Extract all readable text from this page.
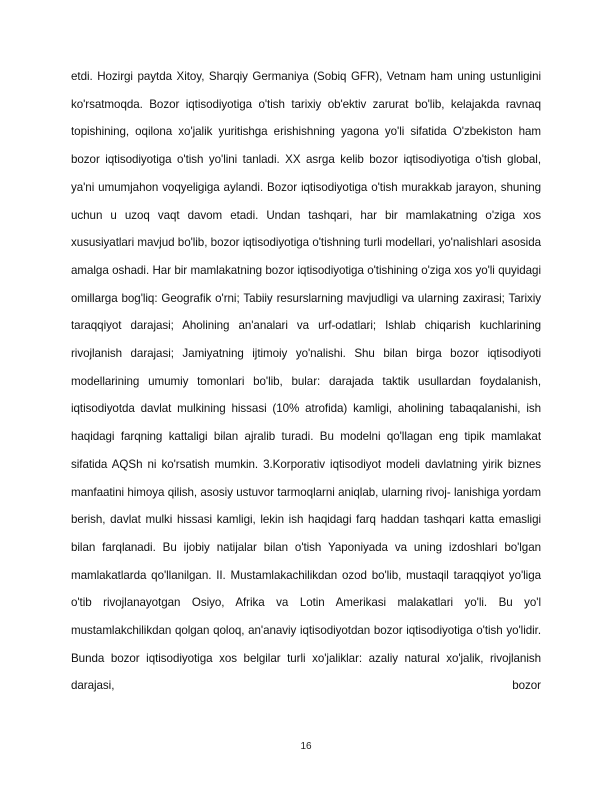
etdi. Hozirgi paytda Xitoy, Sharqiy Germaniya (Sobiq GFR), Vetnam ham uning ustunligini ko'rsatmoqda. Bozor iqtisodiyotiga o'tish tarixiy ob'ektiv zarurat bo'lib, kelajakda ravnaq topishining, oqilona xo'jalik yuritishga erishishning yagona yo'li sifatida O'zbekiston ham bozor iqtisodiyotiga o'tish yo'lini tanladi. XX asrga kelib bozor iqtisodiyotiga o'tish global, ya'ni umumjahon voqyeligiga aylandi. Bozor iqtisodiyotiga o'tish murakkab jarayon, shuning uchun u uzoq vaqt davom etadi. Undan tashqari, har bir mamlakatning o'ziga xos xususiyatlari mavjud bo'lib, bozor iqtisodiyotiga o'tishning turli modellari, yo'nalishlari asosida amalga oshadi. Har bir mamlakatning bozor iqtisodiyotiga o'tishining o'ziga xos yo'li quyidagi omillarga bog'liq: Geografik o'rni; Tabiiy resurslarning mavjudligi va ularning zaxirasi; Tarixiy taraqqiyot darajasi; Aholining an'analari va urf-odatlari; Ishlab chiqarish kuchlarining rivojlanish darajasi; Jamiyatning ijtimoiy yo'nalishi. Shu bilan birga bozor iqtisodiyoti modellarining umumiy tomonlari bo'lib, bular: darajada taktik usullardan foydalanish, iqtisodiyotda davlat mulkining hissasi (10% atrofida) kamligi, aholining tabaqalanishi, ish haqidagi farqning kattaligi bilan ajralib turadi. Bu modelni qo'llagan eng tipik mamlakat sifatida AQSh ni ko'rsatish mumkin. 3.Korporativ iqtisodiyot modeli davlatning yirik biznes manfaatini himoya qilish, asosiy ustuvor tarmoqlarni aniqlab, ularning rivoj- lanishiga yordam berish, davlat mulki hissasi kamligi, lekin ish haqidagi farq haddan tashqari katta emasligi bilan farqlanadi. Bu ijobiy natijalar bilan o'tish Yaponiyada va uning izdoshlari bo'lgan mamlakatlarda qo'llanilgan. II. Mustamlakachilikdan ozod bo'lib, mustaqil taraqqiyot yo'liga o'tib rivojlanayotgan Osiyo, Afrika va Lotin Amerikasi malakatlari yo'li. Bu yo'l mustamlakchilikdan qolgan qoloq, an'anaviy iqtisodiyotdan bozor iqtisodiyotiga o'tish yo'lidir. Bunda bozor iqtisodiyotiga xos belgilar turli xo'jaliklar: azaliy natural xo'jalik, rivojlanish darajasi, bozor

16
